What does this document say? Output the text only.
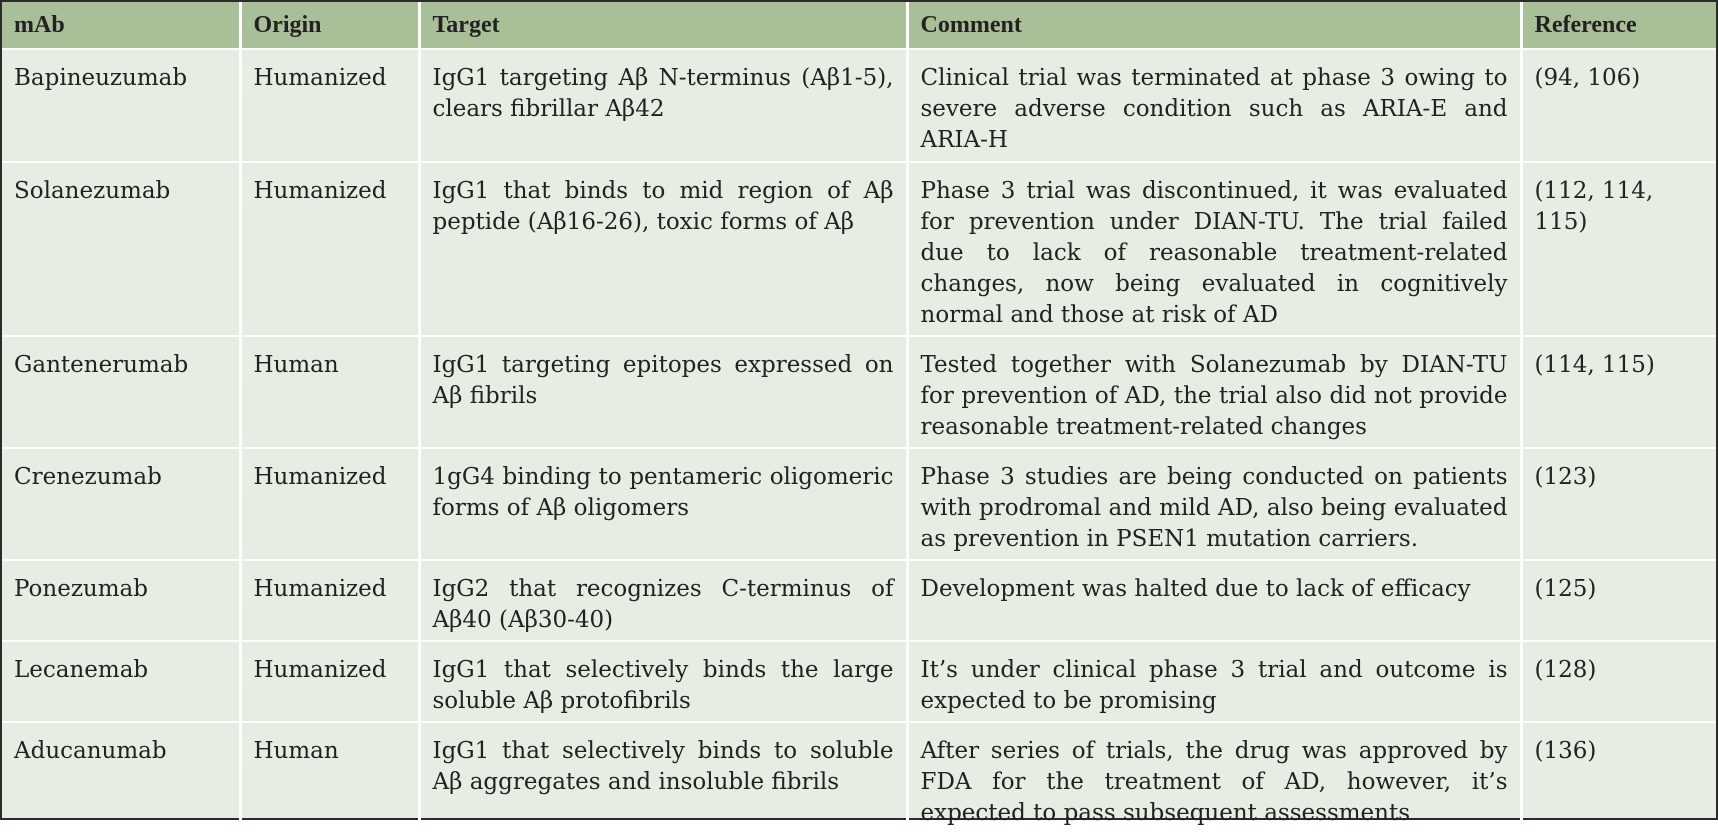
mAb	Origin	Target	Comment	Reference
Bapineuzumab	Humanized	IgG1 targeting Aβ N-terminus (Aβ1-5), clears fibrillar Aβ42	Clinical trial was terminated at phase 3 owing to severe adverse condition such as ARIA-E and ARIA-H	(94, 106)
Solanezumab	Humanized	IgG1 that binds to mid region of Aβ peptide (Aβ16-26), toxic forms of Aβ	Phase 3 trial was discontinued, it was evaluated for prevention under DIAN-TU. The trial failed due to lack of reasonable treatment-related changes, now being evaluated in cognitively normal and those at risk of AD	(112, 114, 115)
Gantenerumab	Human	IgG1 targeting epitopes expressed on Aβ fibrils	Tested together with Solanezumab by DIAN-TU for prevention of AD, the trial also did not provide reasonable treatment-related changes	(114, 115)
Crenezumab	Humanized	1gG4 binding to pentameric oligomeric forms of Aβ oligomers	Phase 3 studies are being conducted on patients with prodromal and mild AD, also being evaluated as prevention in PSEN1 mutation carriers.	(123)
Ponezumab	Humanized	IgG2 that recognizes C-terminus of Aβ40 (Aβ30-40)	Development was halted due to lack of efficacy	(125)
Lecanemab	Humanized	IgG1 that selectively binds the large soluble Aβ protofibrils	It’s under clinical phase 3 trial and outcome is expected to be promising	(128)
Aducanumab	Human	IgG1 that selectively binds to soluble Aβ aggregates and insoluble fibrils	After series of trials, the drug was approved by FDA for the treatment of AD, however, it’s expected to pass subsequent assessments	(136)
